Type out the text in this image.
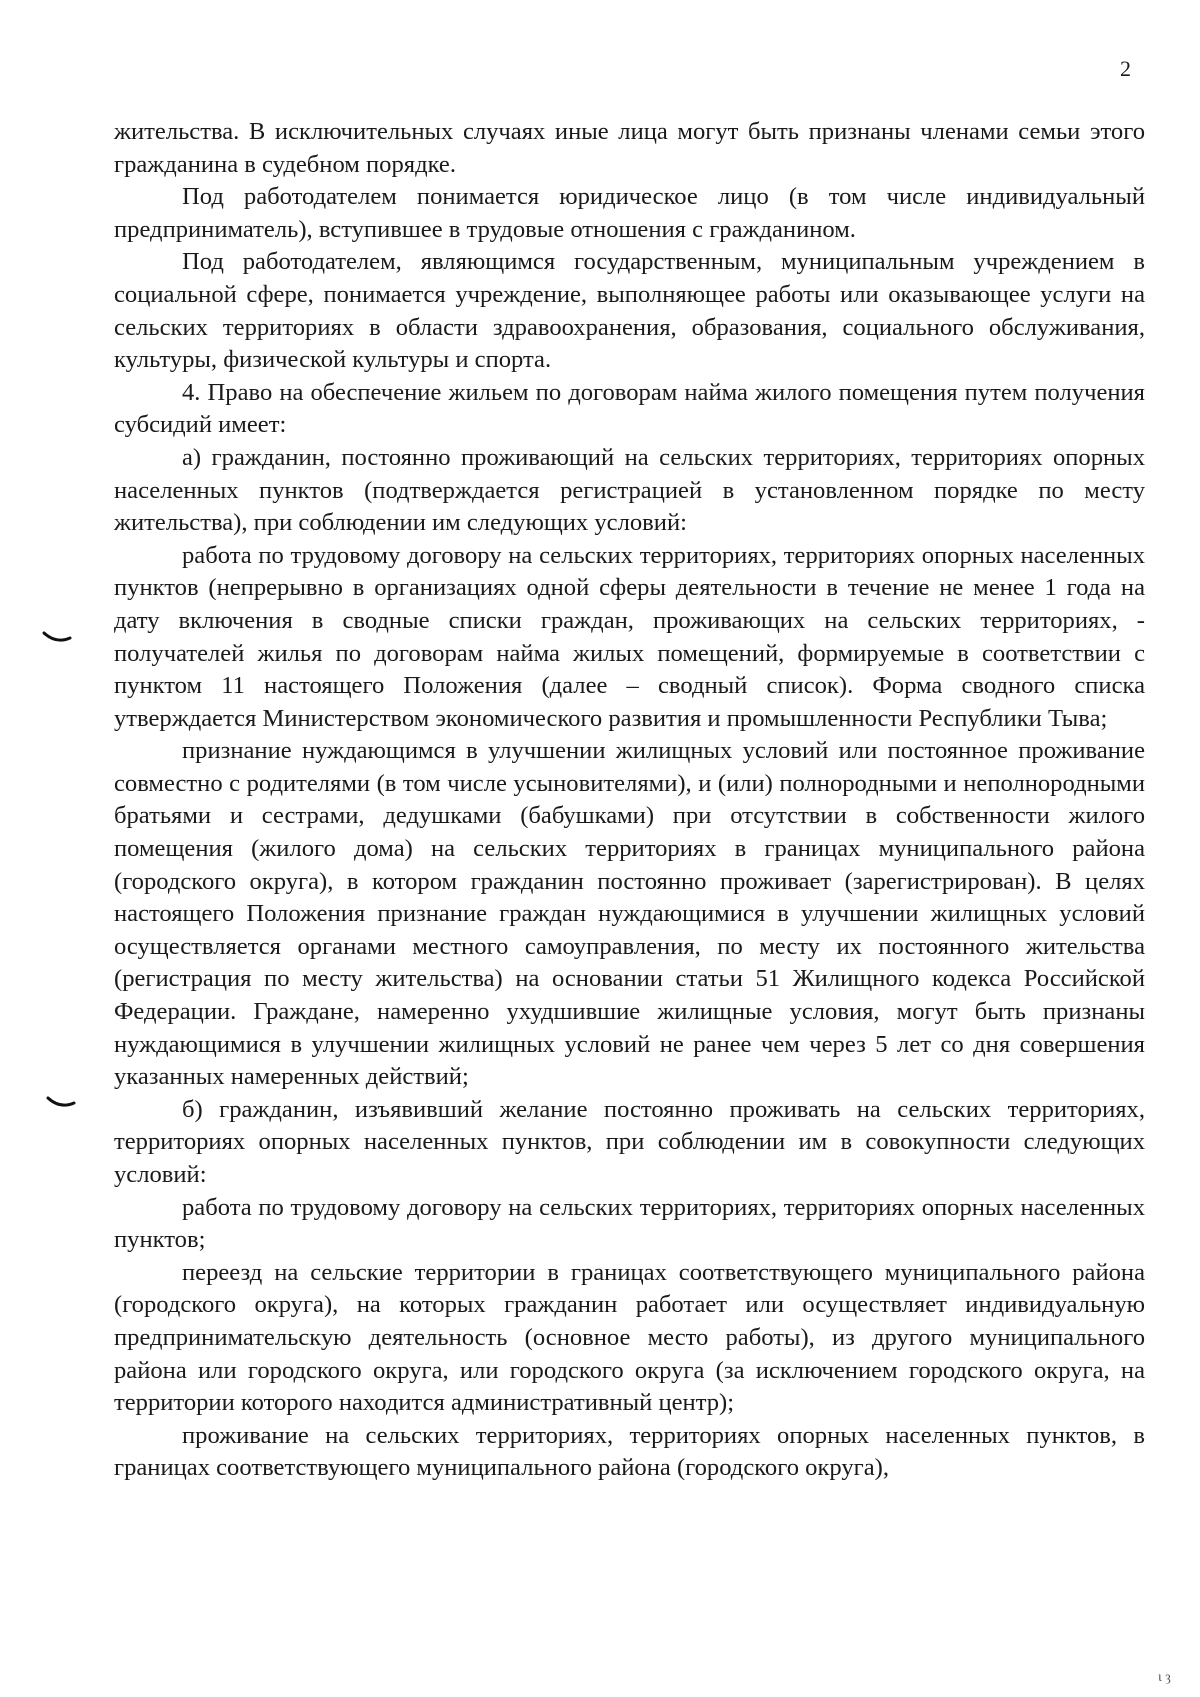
2

жительства. В исключительных случаях иные лица могут быть признаны членами семьи этого гражданина в судебном порядке.

Под работодателем понимается юридическое лицо (в том числе индивидуальный предприниматель), вступившее в трудовые отношения с гражданином.

Под работодателем, являющимся государственным, муниципальным учреждением в социальной сфере, понимается учреждение, выполняющее работы или оказывающее услуги на сельских территориях в области здравоохранения, образования, социального обслуживания, культуры, физической культуры и спорта.

4. Право на обеспечение жильем по договорам найма жилого помещения путем получения субсидий имеет:

а) гражданин, постоянно проживающий на сельских территориях, территориях опорных населенных пунктов (подтверждается регистрацией в установленном порядке по месту жительства), при соблюдении им следующих условий:

работа по трудовому договору на сельских территориях, территориях опорных населенных пунктов (непрерывно в организациях одной сферы деятельности в течение не менее 1 года на дату включения в сводные списки граждан, проживающих на сельских территориях, - получателей жилья по договорам найма жилых помещений, формируемые в соответствии с пунктом 11 настоящего Положения (далее – сводный список). Форма сводного списка утверждается Министерством экономического развития и промышленности Республики Тыва;

признание нуждающимся в улучшении жилищных условий или постоянное проживание совместно с родителями (в том числе усыновителями), и (или) полнородными и неполнородными братьями и сестрами, дедушками (бабушками) при отсутствии в собственности жилого помещения (жилого дома) на сельских территориях в границах муниципального района (городского округа), в котором гражданин постоянно проживает (зарегистрирован). В целях настоящего Положения признание граждан нуждающимися в улучшении жилищных условий осуществляется органами местного самоуправления, по месту их постоянного жительства (регистрация по месту жительства) на основании статьи 51 Жилищного кодекса Российской Федерации. Граждане, намеренно ухудшившие жилищные условия, могут быть признаны нуждающимися в улучшении жилищных условий не ранее чем через 5 лет со дня совершения указанных намеренных действий;

б) гражданин, изъявивший желание постоянно проживать на сельских территориях, территориях опорных населенных пунктов, при соблюдении им в совокупности следующих условий:

работа по трудовому договору на сельских территориях, территориях опорных населенных пунктов;

переезд на сельские территории в границах соответствующего муниципального района (городского округа), на которых гражданин работает или осуществляет индивидуальную предпринимательскую деятельность (основное место работы), из другого муниципального района или городского округа, или городского округа (за исключением городского округа, на территории которого находится административный центр);

проживание на сельских территориях, территориях опорных населенных пунктов, в границах соответствующего муниципального района (городского округа),

ι ȝ
